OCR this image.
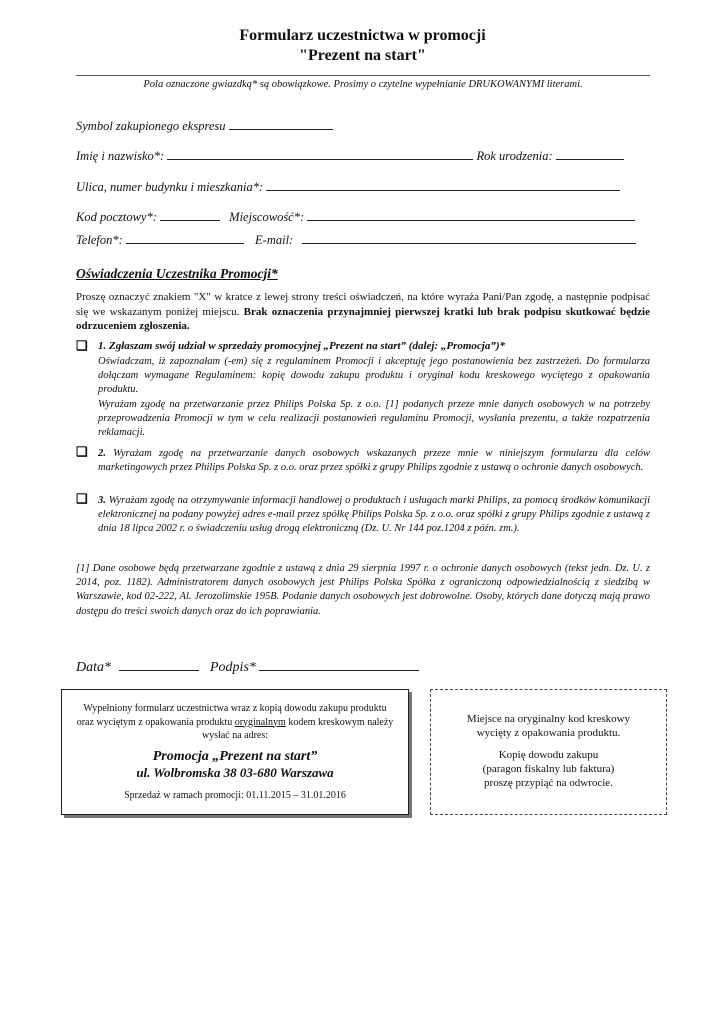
Formularz uczestnictwa w promocji
"Prezent na start"
Pola oznaczone gwiazdką* są obowiązkowe. Prosimy o czytelne wypełnianie DRUKOWANYMI literami.
Symbol zakupionego ekspresu
Imię i nazwisko*:	Rok urodzenia:
Ulica, numer budynku i mieszkania*:
Kod pocztowy*:	Miejscowość*:
Telefon*:	E-mail:
Oświadczenia Uczestnika Promocji*
Proszę oznaczyć znakiem "X" w kratce z lewej strony treści oświadczeń, na które wyraża Pani/Pan zgodę, a następnie podpisać się we wskazanym poniżej miejscu. Brak oznaczenia przynajmniej pierwszej kratki lub brak podpisu skutkować będzie odrzuceniem zgłoszenia.
❑ 1. Zgłaszam swój udział w sprzedaży promocyjnej „Prezent na start” (dalej: „Promocja”)*
Oświadczam, iż zapoznałam (-em) się z regulaminem Promocji i akceptuję jego postanowienia bez zastrzeżeń. Do formularza dołączam wymagane Regulaminem: kopię dowodu zakupu produktu i oryginał kodu kreskowego wyciętego z opakowania produktu.
Wyrażam zgodę na przetwarzanie przez Philips Polska Sp. z o.o. [1] podanych przeze mnie danych osobowych w na potrzeby przeprowadzenia Promocji w tym w celu realizacji postanowień regulaminu Promocji, wysłania prezentu, a także rozpatrzenia reklamacji.
❑ 2. Wyrażam zgodę na przetwarzanie danych osobowych wskazanych przeze mnie w niniejszym formularzu dla celów marketingowych przez Philips Polska Sp. z o.o. oraz przez spółki z grupy Philips zgodnie z ustawą o ochronie danych osobowych.
❑ 3. Wyrażam zgodę na otrzymywanie informacji handlowej o produktach i usługach marki Philips, za pomocą środków komunikacji elektronicznej na podany powyżej adres e-mail przez spółkę Philips Polska Sp. z o.o. oraz spółki z grupy Philips zgodnie z ustawą z dnia 18 lipca 2002 r. o świadczeniu usług drogą elektroniczną (Dz. U. Nr 144 poz.1204 z późn. zm.).
[1] Dane osobowe będą przetwarzane zgodnie z ustawą z dnia 29 sierpnia 1997 r. o ochronie danych osobowych (tekst jedn. Dz. U. z 2014, poz. 1182). Administratorem danych osobowych jest Philips Polska Spółka z ograniczoną odpowiedzialnością z siedzibą w Warszawie, kod 02-222, Al. Jerozolimskie 195B. Podanie danych osobowych jest dobrowolne. Osoby, których dane dotyczą mają prawo dostępu do treści swoich danych oraz do ich poprawiania.
Data*	Podpis*
Wypełniony formularz uczestnictwa wraz z kopią dowodu zakupu produktu oraz wyciętym z opakowania produktu oryginalnym kodem kreskowym należy wysłać na adres:
Promocja „Prezent na start”
ul. Wolbromska 38 03-680 Warszawa
Sprzedaż w ramach promocji: 01.11.2015 – 31.01.2016
Miejsce na oryginalny kod kreskowy
wycięty z opakowania produktu.
Kopię dowodu zakupu
(paragon fiskalny lub faktura)
proszę przypiąć na odwrocie.
